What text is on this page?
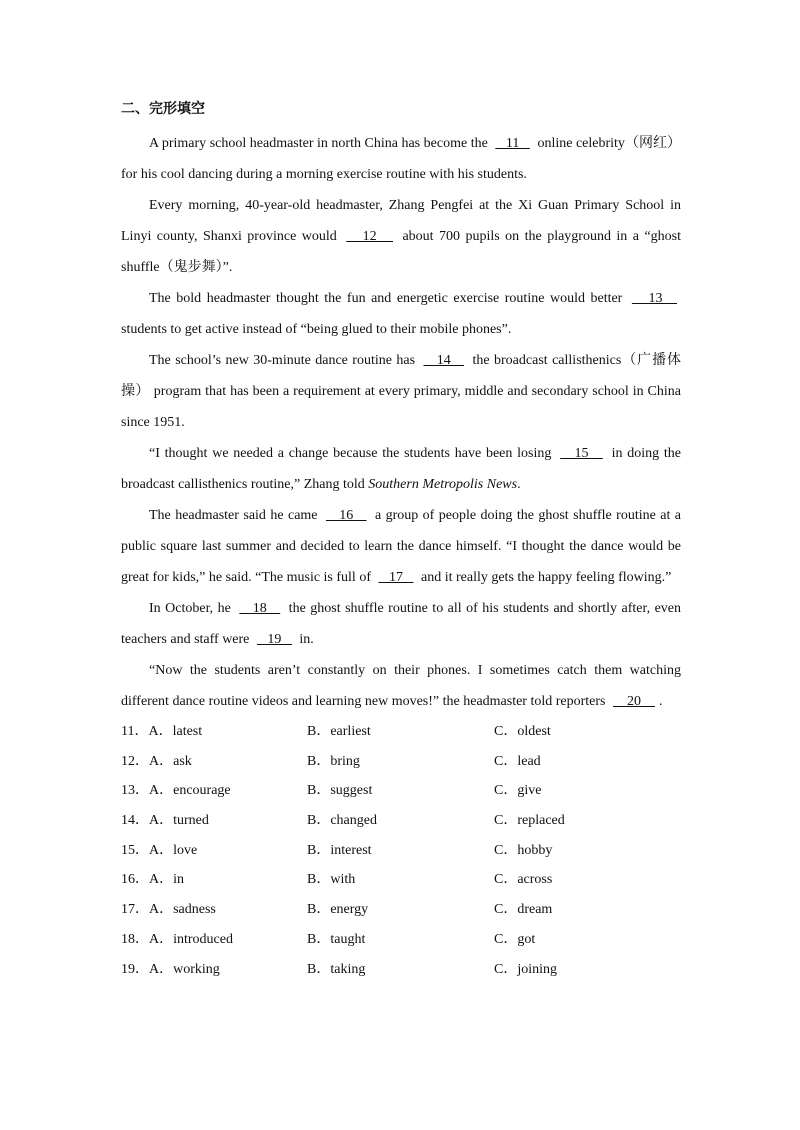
二、完形填空

A primary school headmaster in north China has become the    11    online celebrity（网红） for his cool dancing during a morning exercise routine with his students.

Every morning, 40-year-old headmaster, Zhang Pengfei at the Xi Guan Primary School in Linyi county, Shanxi province would    12    about 700 pupils on the playground in a “ghost shuffle（鬼步舞）”.

The bold headmaster thought the fun and energetic exercise routine would better    13    students to get active instead of “being glued to their mobile phones”.

The school’s new 30-minute dance routine has    14    the broadcast callisthenics（广播体操） program that has been a requirement at every primary, middle and secondary school in China since 1951.

“I thought we needed a change because the students have been losing    15    in doing the broadcast callisthenics routine,” Zhang told Southern Metropolis News.

The headmaster said he came    16    a group of people doing the ghost shuffle routine at a public square last summer and decided to learn the dance himself. “I thought the dance would be great for kids,” he said. “The music is full of    17    and it really gets the happy feeling flowing.”

In October, he    18    the ghost shuffle routine to all of his students and shortly after, even teachers and staff were    19    in.

“Now the students aren’t constantly on their phones. I sometimes catch them watching different dance routine videos and learning new moves!” the headmaster told reporters     20    .

11．A．latest	B．earliest	C．oldest
12．A．ask	B．bring	C．lead
13．A．encourage	B．suggest	C．give
14．A．turned	B．changed	C．replaced
15．A．love	B．interest	C．hobby
16．A．in	B．with	C．across
17．A．sadness	B．energy	C．dream
18．A．introduced	B．taught	C．got
19．A．working	B．taking	C．joining
